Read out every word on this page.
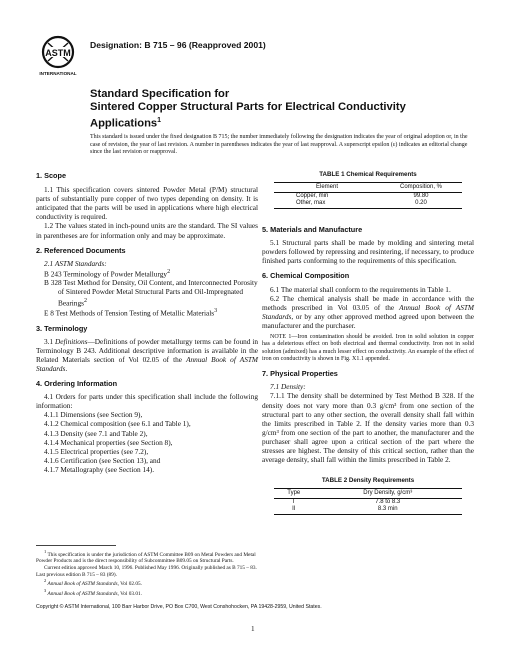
ASTM
INTERNATIONAL
Designation: B 715 – 96 (Reapproved 2001)
Standard Specification for
Sintered Copper Structural Parts for Electrical Conductivity
Applications$^1$
This standard is issued under the fixed designation B 715; the number immediately following the designation indicates the year of original adoption or, in the case of revision, the year of last revision. A number in parentheses indicates the year of last reapproval. A superscript epsilon (ε) indicates an editorial change since the last revision or reapproval.

1. Scope

1.1 This specification covers sintered Powder Metal (P/M) structural parts of substantially pure copper of two types depending on density. It is anticipated that the parts will be used in applications where high electrical conductivity is required.

1.2 The values stated in inch-pound units are the standard. The SI values in parentheses are for information only and may be approximate.

2. Referenced Documents

2.1 ASTM Standards:

B 243 Terminology of Powder Metallurgy$^2$

B 328 Test Method for Density, Oil Content, and Interconnected Porosity of Sintered Powder Metal Structural Parts and Oil-Impregnated Bearings$^2$

E 8 Test Methods of Tension Testing of Metallic Materials$^3$

3. Terminology

3.1 Definitions—Definitions of powder metallurgy terms can be found in Terminology B 243. Additional descriptive information is available in the Related Materials section of Vol 02.05 of the Annual Book of ASTM Standards.

4. Ordering Information

4.1 Orders for parts under this specification shall include the following information:

4.1.1 Dimensions (see Section 9),

4.1.2 Chemical composition (see 6.1 and Table 1),

4.1.3 Density (see 7.1 and Table 2),

4.1.4 Mechanical properties (see Section 8),

4.1.5 Electrical properties (see 7.2),

4.1.6 Certification (see Section 13), and

4.1.7 Metallography (see Section 14).

$^1$ This specification is under the jurisdiction of ASTM Committee B09 on Metal Powders and Metal Powder Products and is the direct responsibility of Subcommittee B09.05 on Structural Parts.

Current edition approved March 10, 1996. Published May 1996. Originally published as B 715 – 83. Last previous edition B 715 – 83 (89).

$^2$ Annual Book of ASTM Standards, Vol 02.05.

$^3$ Annual Book of ASTM Standards, Vol 03.01.

TABLE 1 Chemical Requirements
Element	Composition, %
Copper, min	99.80
Other, max	0.20

5. Materials and Manufacture

5.1 Structural parts shall be made by molding and sintering metal powders followed by repressing and resintering, if necessary, to produce finished parts conforming to the requirements of this specification.

6. Chemical Composition

6.1 The material shall conform to the requirements in Table 1.

6.2 The chemical analysis shall be made in accordance with the methods prescribed in Vol 03.05 of the Annual Book of ASTM Standards, or by any other approved method agreed upon between the manufacturer and the purchaser.

NOTE 1—Iron contamination should be avoided. Iron in solid solution in copper has a deleterious effect on both electrical and thermal conductivity. Iron not in solid solution (admixed) has a much lesser effect on conductivity. An example of the effect of iron on conductivity is shown in Fig. X1.1 appended.

7. Physical Properties

7.1 Density:

7.1.1 The density shall be determined by Test Method B 328. If the density does not vary more than 0.3 g/cm³ from one section of the structural part to any other section, the overall density shall fall within the limits prescribed in Table 2. If the density varies more than 0.3 g/cm³ from one section of the part to another, the manufacturer and the purchaser shall agree upon a critical section of the part where the stresses are highest. The density of this critical section, rather than the average density, shall fall within the limits prescribed in Table 2.

TABLE 2 Density Requirements
Type	Dry Density, g/cm³
I	7.8 to 8.3
II	8.3 min
Copyright © ASTM International, 100 Barr Harbor Drive, PO Box C700, West Conshohocken, PA 19428-2959, United States.
1
